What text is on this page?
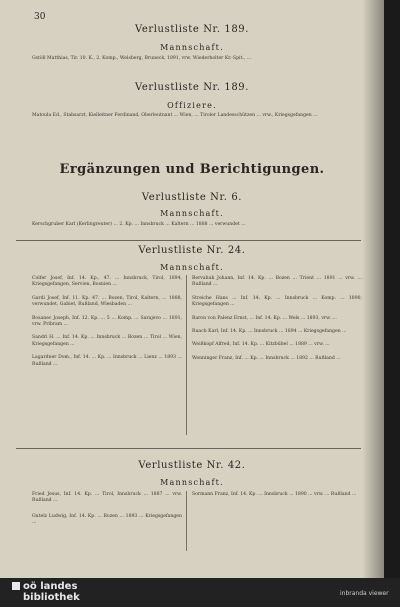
30

Verlustliste Nr. 189.

Mannschaft.

Gstöll Matthias, Tir. 10. K., 2. Komp., Welsberg, Bruneck, 1891, vrw. Wiederholter Kr.-Spit., ...

Verlustliste Nr. 189.

Offiziere.

Matoula Ed., Stabsarzt, Kielleitner Ferdinand, Oberleutnant ... Wien, ... Tiroler Landesschützen ... vrw., Kriegsgefangen ...

Ergänzungen und Berichtigungen.

Verlustliste Nr. 6.

Mannschaft.

Kerschgruber Karl (Kerlingreuter) ... 2. Kp. ... Innsbruck ... Kaltern ... 1888 ... verwundet ...

Verlustliste Nr. 24.

Mannschaft.

Colfer Josef, Inf. 14. Kp., 47. ... Innsbruck, Tirol, 1894, Kriegsgefangen, Servien, Bosnien ...

Gardi Josef, Inf. 11. Kp. 47. ... Bozen, Tirol, Kaltern, ... 1888, verwundet, Gabiet, Rußland, Wiesbaden ...

Bosanec Joseph, Inf. 12. Kp. ... 5 ... Komp. ... Sarajevo ... 1891, vrw. Pribram ...

Sandri H. ... Inf. 14. Kp. ... Innsbruck ... Bozen ... Tirol ... Wien, Kriegsgefangen ...

Lagardner Dom., Inf. 14. ... Kp. ... Innsbruck ... Lienz ... 1893 ... Rußland ...

Bervahuk Johann, Inf. 14. Kp. ... Bozen ... Trient ... 1891 ... vrw. ... Rußland ...

Streiche Hans ... Inf. 14. Kp. ... Innsbruck ... Komp. ... 1890, Kriegsgefangen ...

Baron von Palenz Ernst, ... Inf. 14. Kp. ... Wels ... 1893, vrw. ...

Ruach Karl, Inf. 14. Kp. ... Innsbruck ... 1894 ... Kriegsgefangen ...

Weißkopf Alfred, Inf. 14. Kp. ... Kitzbühel ... 1889 ... vrw. ...

Wenninger Franz, Inf. ... Kp. ... Innsbruck ... 1892 ... Rußland ...

Verlustliste Nr. 42.

Mannschaft.

Fried Jesus, Inf. 14. Kp. ... Tirol, Innsbruck ... 1887 ... vrw. Rußland ...

Gutelz Ludwig, Inf. 14. Kp. ... Bozen ... 1893 ... Kriegsgefangen ...

Sormann Franz, Inf. 14. Kp. ... Innsbruck ... 1890 ... vrw. ... Rußland ...

oö landes
bibliothek	inbranda viewer
